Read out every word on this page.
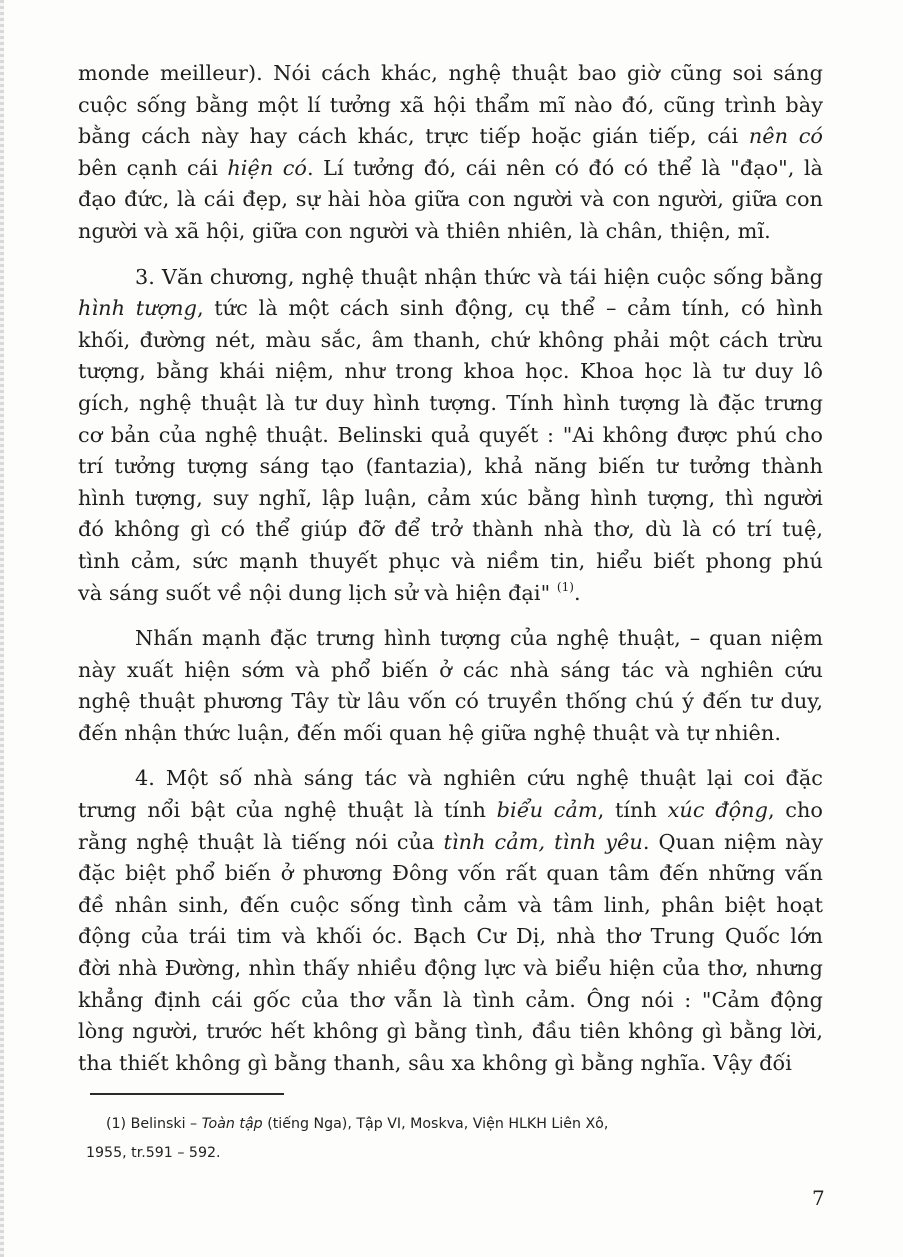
monde meilleur). Nói cách khác, nghệ thuật bao giờ cũng soi sáng
cuộc sống bằng một lí tưởng xã hội thẩm mĩ nào đó, cũng trình bày
bằng cách này hay cách khác, trực tiếp hoặc gián tiếp, cái nên có
bên cạnh cái hiện có. Lí tưởng đó, cái nên có đó có thể là "đạo", là
đạo đức, là cái đẹp, sự hài hòa giữa con người và con người, giữa con
người và xã hội, giữa con người và thiên nhiên, là chân, thiện, mĩ.
3. Văn chương, nghệ thuật nhận thức và tái hiện cuộc sống bằng
hình tượng, tức là một cách sinh động, cụ thể – cảm tính, có hình
khối, đường nét, màu sắc, âm thanh, chứ không phải một cách trừu
tượng, bằng khái niệm, như trong khoa học. Khoa học là tư duy lô
gích, nghệ thuật là tư duy hình tượng. Tính hình tượng là đặc trưng
cơ bản của nghệ thuật. Belinski quả quyết : "Ai không được phú cho
trí tưởng tượng sáng tạo (fantazia), khả năng biến tư tưởng thành
hình tượng, suy nghĩ, lập luận, cảm xúc bằng hình tượng, thì người
đó không gì có thể giúp đỡ để trở thành nhà thơ, dù là có trí tuệ,
tình cảm, sức mạnh thuyết phục và niềm tin, hiểu biết phong phú
và sáng suốt về nội dung lịch sử và hiện đại" $^{(1)}$.
Nhấn mạnh đặc trưng hình tượng của nghệ thuật, – quan niệm
này xuất hiện sớm và phổ biến ở các nhà sáng tác và nghiên cứu
nghệ thuật phương Tây từ lâu vốn có truyền thống chú ý đến tư duy,
đến nhận thức luận, đến mối quan hệ giữa nghệ thuật và tự nhiên.
4. Một số nhà sáng tác và nghiên cứu nghệ thuật lại coi đặc
trưng nổi bật của nghệ thuật là tính biểu cảm, tính xúc động, cho
rằng nghệ thuật là tiếng nói của tình cảm, tình yêu. Quan niệm này
đặc biệt phổ biến ở phương Đông vốn rất quan tâm đến những vấn
đề nhân sinh, đến cuộc sống tình cảm và tâm linh, phân biệt hoạt
động của trái tim và khối óc. Bạch Cư Dị, nhà thơ Trung Quốc lớn
đời nhà Đường, nhìn thấy nhiều động lực và biểu hiện của thơ, nhưng
khẳng định cái gốc của thơ vẫn là tình cảm. Ông nói : "Cảm động
lòng người, trước hết không gì bằng tình, đầu tiên không gì bằng lời,
tha thiết không gì bằng thanh, sâu xa không gì bằng nghĩa. Vậy đối
(1) Belinski – Toàn tập (tiếng Nga), Tập VI, Moskva, Viện HLKH Liên Xô,
1955, tr.591 – 592.
7
